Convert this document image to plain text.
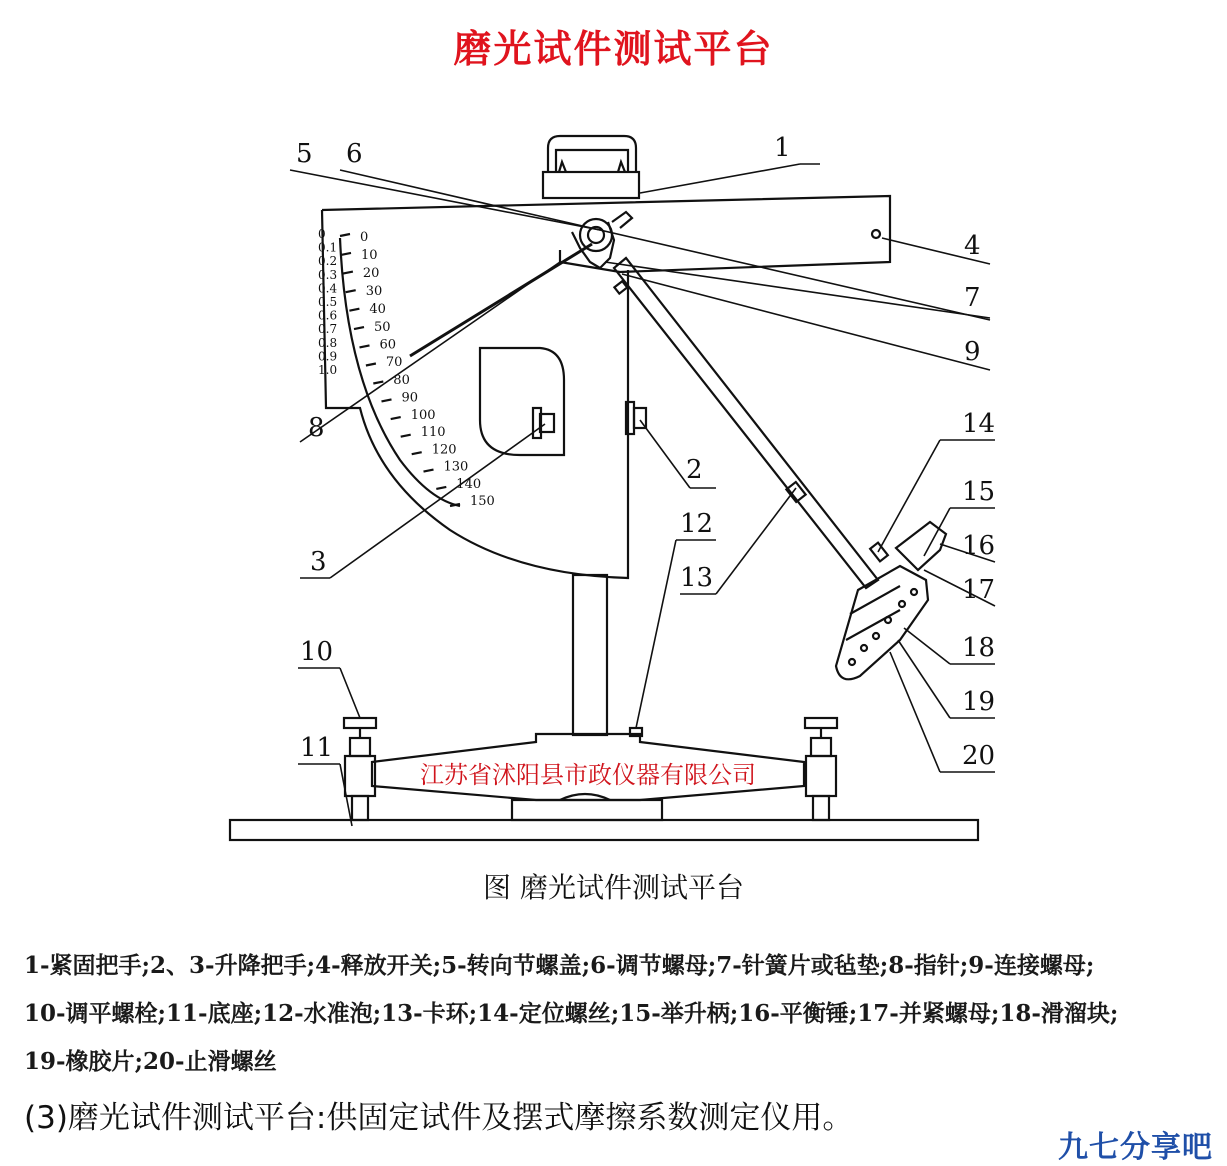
磨光试件测试平台
5 6	1
4
7
9
8
2
12
13
3
14
15
16
17
18
19
20
10
11
0
10
20
30
40
50
60
70
80
90
100
110
120
130
140
150
0
0.1
0.2
0.3
0.4
0.5
0.6
0.7
0.8
0.9
1.0
江苏省沭阳县市政仪器有限公司
图 磨光试件测试平台
1-紧固把手;2、3-升降把手;4-释放开关;5-转向节螺盖;6-调节螺母;7-针簧片或毡垫;8-指针;9-连接螺母;
10-调平螺栓;11-底座;12-水准泡;13-卡环;14-定位螺丝;15-举升柄;16-平衡锤;17-并紧螺母;18-滑溜块;
19-橡胶片;20-止滑螺丝
(3)磨光试件测试平台:供固定试件及摆式摩擦系数测定仪用。
九七分享吧
